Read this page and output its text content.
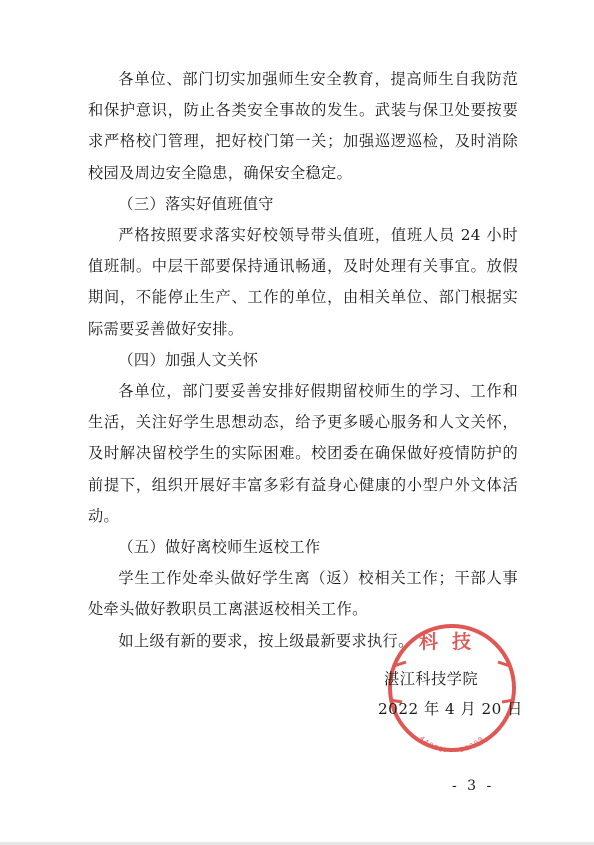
各单位、部门切实加强师生安全教育，提高师生自我防范和保护意识，防止各类安全事故的发生。武装与保卫处要按要求严格校门管理，把好校门第一关；加强巡逻巡检，及时消除校园及周边安全隐患，确保安全稳定。

（三）落实好值班值守

严格按照要求落实好校领导带头值班，值班人员 24 小时值班制。中层干部要保持通讯畅通，及时处理有关事宜。放假期间，不能停止生产、工作的单位，由相关单位、部门根据实际需要妥善做好安排。

（四）加强人文关怀

各单位，部门要妥善安排好假期留校师生的学习、工作和生活，关注好学生思想动态，给予更多暖心服务和人文关怀，及时解决留校学生的实际困难。校团委在确保做好疫情防护的前提下，组织开展好丰富多彩有益身心健康的小型户外文体活动。

（五）做好离校师生返校工作

学生工作处牵头做好学生离（返）校相关工作；干部人事处牵头做好教职员工离湛返校相关工作。

如上级有新的要求，按上级最新要求执行。 科技
4408824052299
湛江科技学院
2022 年 4 月 20 日
- 3 -
